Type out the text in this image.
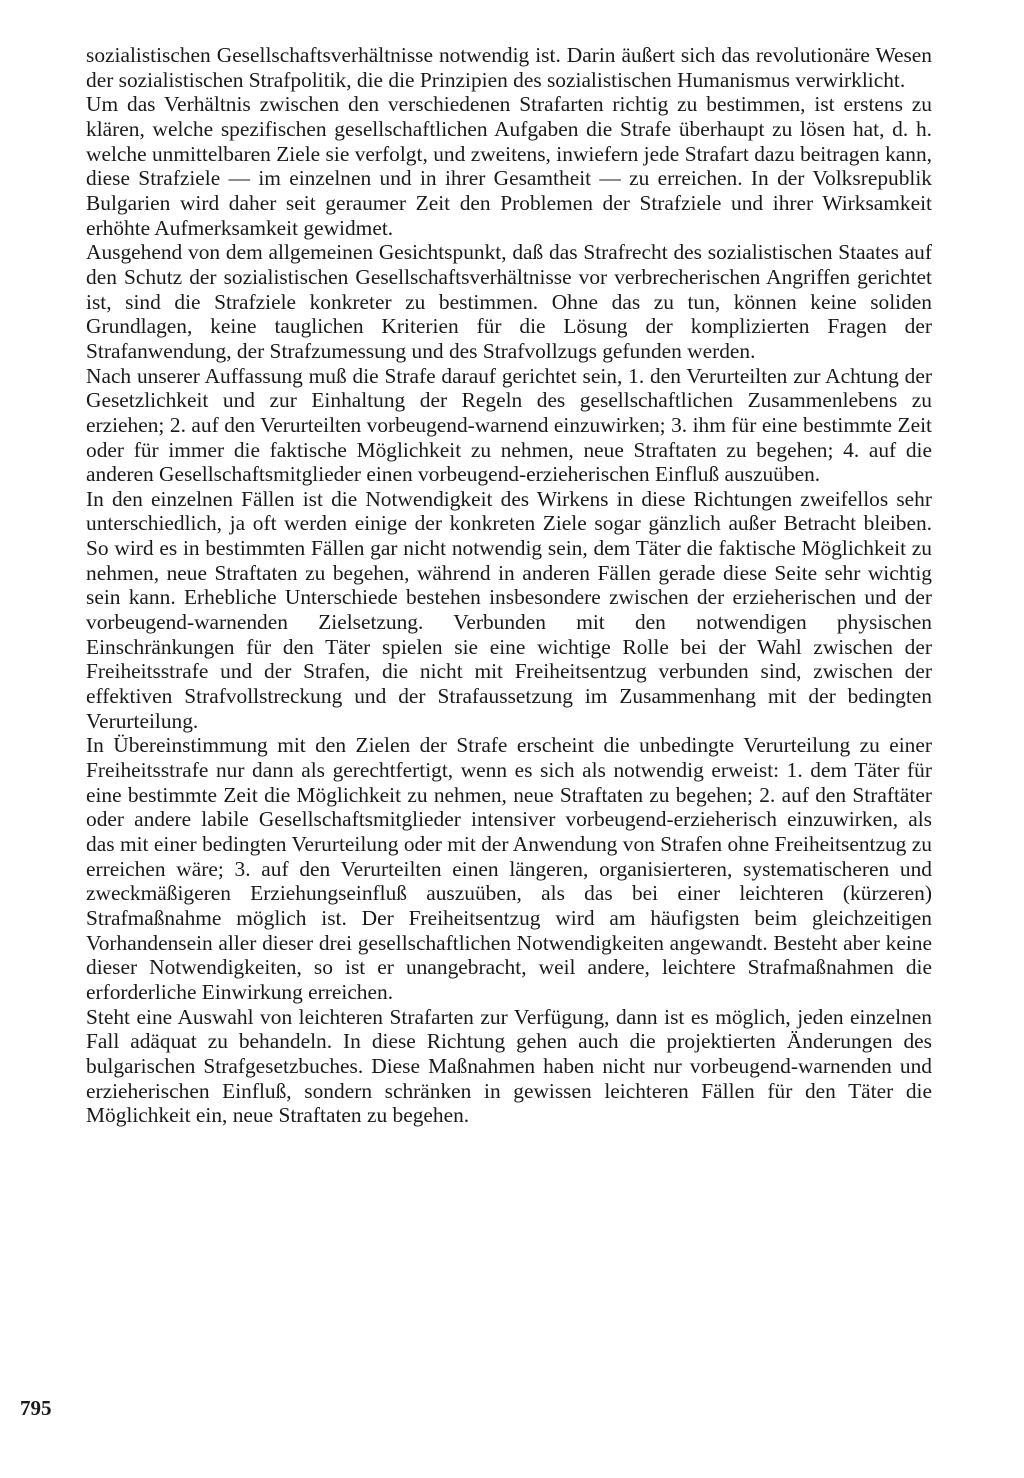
sozialistischen Gesellschaftsverhältnisse notwendig ist. Darin äußert sich das revolutionäre Wesen der sozialistischen Strafpolitik, die die Prinzipien des sozialistischen Humanismus verwirklicht.

Um das Verhältnis zwischen den verschiedenen Strafarten richtig zu bestimmen, ist erstens zu klären, welche spezifischen gesellschaftlichen Aufgaben die Strafe überhaupt zu lösen hat, d. h. welche unmittelbaren Ziele sie verfolgt, und zweitens, inwiefern jede Strafart dazu beitragen kann, diese Strafziele — im einzelnen und in ihrer Gesamtheit — zu erreichen. In der Volksrepublik Bulgarien wird daher seit geraumer Zeit den Problemen der Strafziele und ihrer Wirksamkeit erhöhte Aufmerksamkeit gewidmet.

Ausgehend von dem allgemeinen Gesichtspunkt, daß das Strafrecht des sozialistischen Staates auf den Schutz der sozialistischen Gesellschaftsverhältnisse vor verbrecherischen Angriffen gerichtet ist, sind die Strafziele konkreter zu bestimmen. Ohne das zu tun, können keine soliden Grundlagen, keine tauglichen Kriterien für die Lösung der komplizierten Fragen der Strafanwendung, der Strafzumessung und des Strafvollzugs gefunden werden.

Nach unserer Auffassung muß die Strafe darauf gerichtet sein, 1. den Verurteilten zur Achtung der Gesetzlichkeit und zur Einhaltung der Regeln des gesellschaftlichen Zusammenlebens zu erziehen; 2. auf den Verurteilten vorbeugend-warnend einzuwirken; 3. ihm für eine bestimmte Zeit oder für immer die faktische Möglichkeit zu nehmen, neue Straftaten zu begehen; 4. auf die anderen Gesellschaftsmitglieder einen vorbeugend-erzieherischen Einfluß auszuüben.

In den einzelnen Fällen ist die Notwendigkeit des Wirkens in diese Richtungen zweifellos sehr unterschiedlich, ja oft werden einige der konkreten Ziele sogar gänzlich außer Betracht bleiben. So wird es in bestimmten Fällen gar nicht notwendig sein, dem Täter die faktische Möglichkeit zu nehmen, neue Straftaten zu begehen, während in anderen Fällen gerade diese Seite sehr wichtig sein kann. Erhebliche Unterschiede bestehen insbesondere zwischen der erzieherischen und der vorbeugend-warnenden Zielsetzung. Verbunden mit den notwendigen physischen Einschränkungen für den Täter spielen sie eine wichtige Rolle bei der Wahl zwischen der Freiheitsstrafe und der Strafen, die nicht mit Freiheitsentzug verbunden sind, zwischen der effektiven Strafvollstreckung und der Strafaussetzung im Zusammenhang mit der bedingten Verurteilung.

In Übereinstimmung mit den Zielen der Strafe erscheint die unbedingte Verurteilung zu einer Freiheitsstrafe nur dann als gerechtfertigt, wenn es sich als notwendig erweist: 1. dem Täter für eine bestimmte Zeit die Möglichkeit zu nehmen, neue Straftaten zu begehen; 2. auf den Straftäter oder andere labile Gesellschaftsmitglieder intensiver vorbeugend-erzieherisch einzuwirken, als das mit einer bedingten Verurteilung oder mit der Anwendung von Strafen ohne Freiheitsentzug zu erreichen wäre; 3. auf den Verurteilten einen längeren, organisierteren, systematischeren und zweckmäßigeren Erziehungseinfluß auszuüben, als das bei einer leichteren (kürzeren) Strafmaßnahme möglich ist. Der Freiheitsentzug wird am häufigsten beim gleichzeitigen Vorhandensein aller dieser drei gesellschaftlichen Notwendigkeiten angewandt. Besteht aber keine dieser Notwendigkeiten, so ist er unangebracht, weil andere, leichtere Strafmaßnahmen die erforderliche Einwirkung erreichen.

Steht eine Auswahl von leichteren Strafarten zur Verfügung, dann ist es möglich, jeden einzelnen Fall adäquat zu behandeln. In diese Richtung gehen auch die projektierten Änderungen des bulgarischen Strafgesetzbuches. Diese Maßnahmen haben nicht nur vorbeugend-warnenden und erzieherischen Einfluß, sondern schränken in gewissen leichteren Fällen für den Täter die Möglichkeit ein, neue Straftaten zu begehen.

795
